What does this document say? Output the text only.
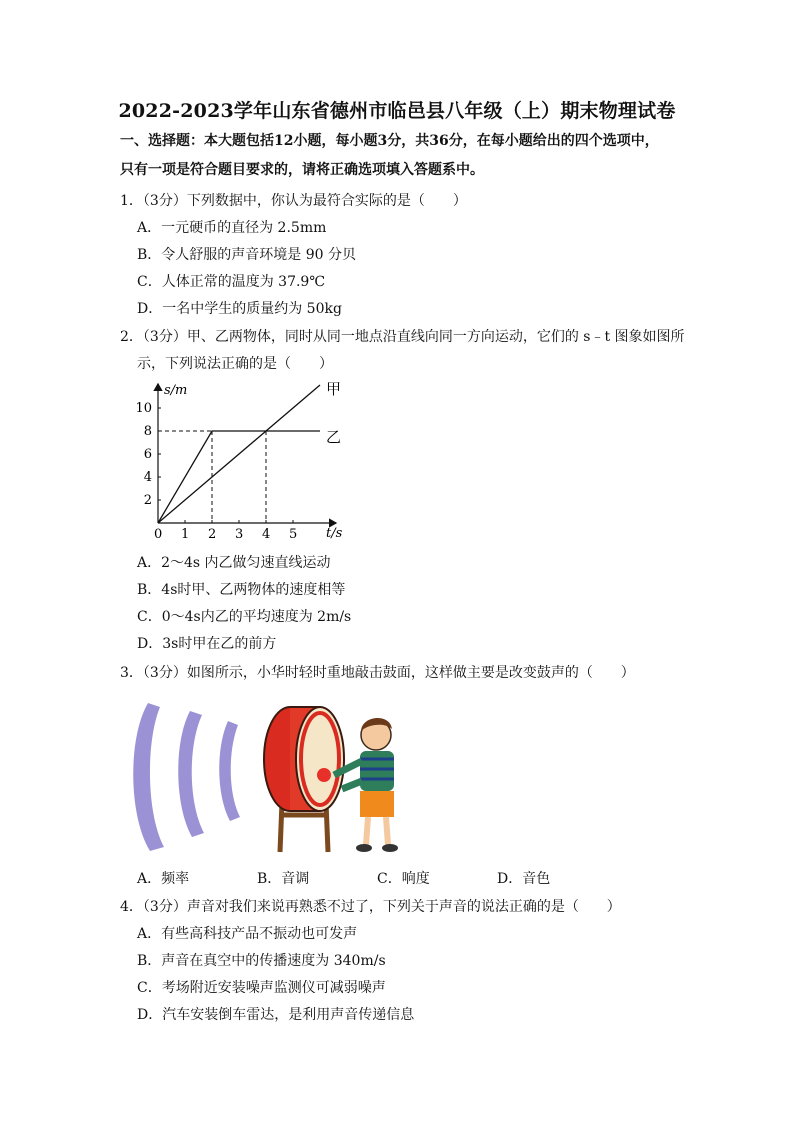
2022-2023学年山东省德州市临邑县八年级（上）期末物理试卷
一、选择题：本大题包括12小题，每小题3分，共36分，在每小题给出的四个选项中，
只有一项是符合题目要求的，请将正确选项填入答题系中。
1．（3分）下列数据中，你认为最符合实际的是（　　）
A．一元硬币的直径为 2.5mm
B．令人舒服的声音环境是 90 分贝
C．人体正常的温度为 37.9℃
D．一名中学生的质量约为 50kg
2．（3分）甲、乙两物体，同时从同一地点沿直线向同一方向运动，它们的 s﹣t 图象如图所
示，下列说法正确的是（　　）
s/m
t/s
0 1 2 3 4 5
2
4
6
8
10
甲
乙
A．2～4s 内乙做匀速直线运动
B．4s时甲、乙两物体的速度相等
C．0～4s内乙的平均速度为 2m/s
D．3s时甲在乙的前方
3．（3分）如图所示，小华时轻时重地敲击鼓面，这样做主要是改变鼓声的（　　）
A．频率	B．音调	C．响度	D．音色
4．（3分）声音对我们来说再熟悉不过了，下列关于声音的说法正确的是（　　）
A．有些高科技产品不振动也可发声
B．声音在真空中的传播速度为 340m/s
C．考场附近安装噪声监测仪可减弱噪声
D．汽车安装倒车雷达，是利用声音传递信息
